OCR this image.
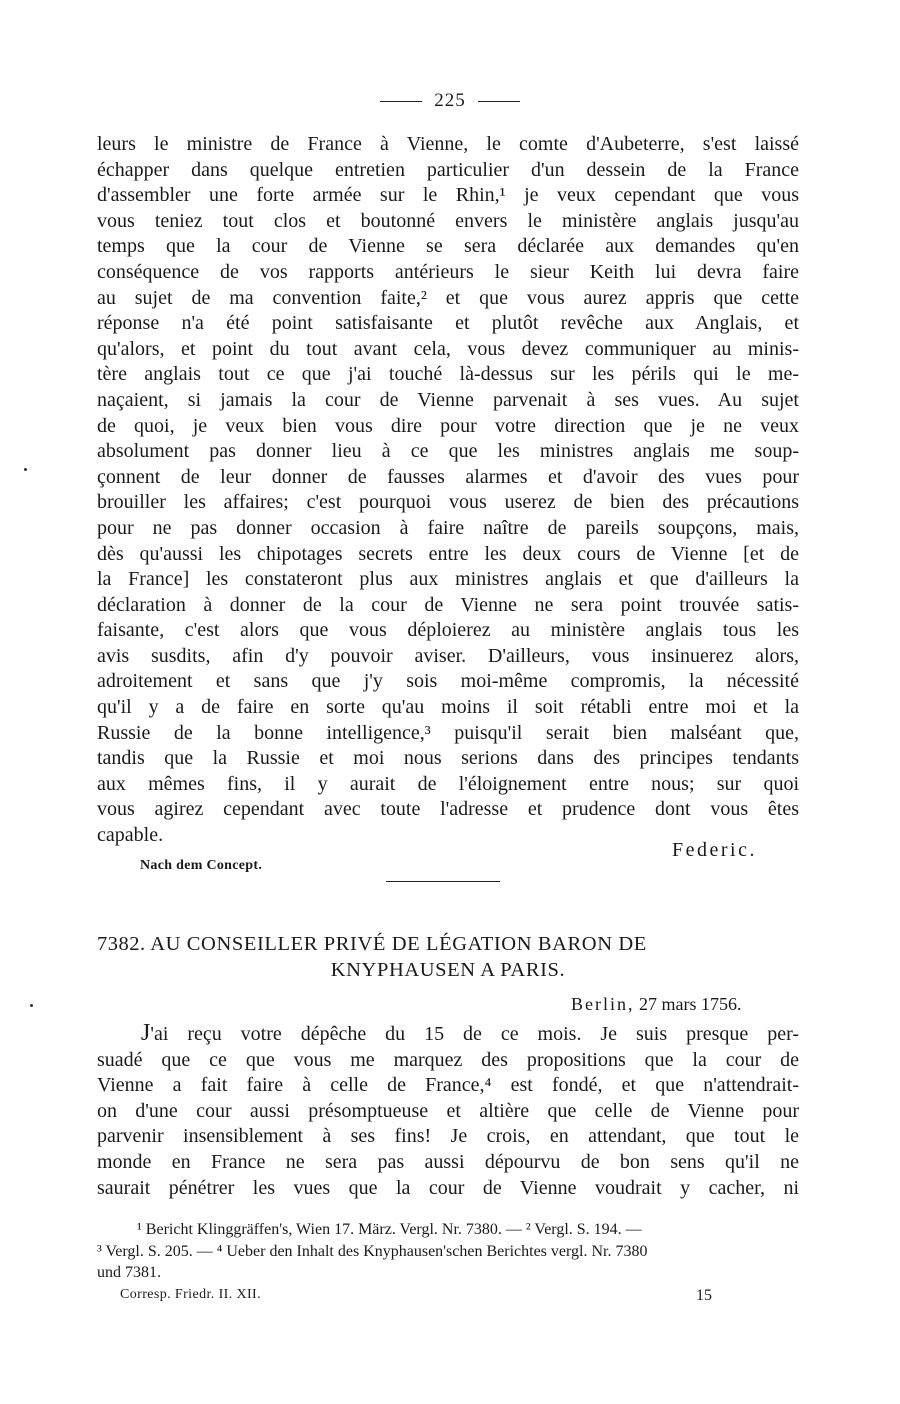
225
leurs le ministre de France à Vienne, le comte d'Aubeterre, s'est laissé
échapper dans quelque entretien particulier d'un dessein de la France
d'assembler une forte armée sur le Rhin,¹ je veux cependant que vous
vous teniez tout clos et boutonné envers le ministère anglais jusqu'au
temps que la cour de Vienne se sera déclarée aux demandes qu'en
conséquence de vos rapports antérieurs le sieur Keith lui devra faire
au sujet de ma convention faite,² et que vous aurez appris que cette
réponse n'a été point satisfaisante et plutôt revêche aux Anglais, et
qu'alors, et point du tout avant cela, vous devez communiquer au minis-
tère anglais tout ce que j'ai touché là-dessus sur les périls qui le me-
naçaient, si jamais la cour de Vienne parvenait à ses vues. Au sujet
de quoi, je veux bien vous dire pour votre direction que je ne veux
absolument pas donner lieu à ce que les ministres anglais me soup-
çonnent de leur donner de fausses alarmes et d'avoir des vues pour
brouiller les affaires; c'est pourquoi vous userez de bien des précautions
pour ne pas donner occasion à faire naître de pareils soupçons, mais,
dès qu'aussi les chipotages secrets entre les deux cours de Vienne [et de
la France] les constateront plus aux ministres anglais et que d'ailleurs la
déclaration à donner de la cour de Vienne ne sera point trouvée satis-
faisante, c'est alors que vous déploierez au ministère anglais tous les
avis susdits, afin d'y pouvoir aviser. D'ailleurs, vous insinuerez alors,
adroitement et sans que j'y sois moi-même compromis, la nécessité
qu'il y a de faire en sorte qu'au moins il soit rétabli entre moi et la
Russie de la bonne intelligence,³ puisqu'il serait bien malséant que,
tandis que la Russie et moi nous serions dans des principes tendants
aux mêmes fins, il y aurait de l'éloignement entre nous; sur quoi
vous agirez cependant avec toute l'adresse et prudence dont vous êtes
capable.
Federic.
Nach dem Concept.
7382. AU CONSEILLER PRIVÉ DE LÉGATION BARON DE
KNYPHAUSEN A PARIS.
Berlin, 27 mars 1756.
J'ai reçu votre dépêche du 15 de ce mois. Je suis presque per-
suadé que ce que vous me marquez des propositions que la cour de
Vienne a fait faire à celle de France,⁴ est fondé, et que n'attendrait-
on d'une cour aussi présomptueuse et altière que celle de Vienne pour
parvenir insensiblement à ses fins! Je crois, en attendant, que tout le
monde en France ne sera pas aussi dépourvu de bon sens qu'il ne
saurait pénétrer les vues que la cour de Vienne voudrait y cacher, ni
¹ Bericht Klinggräffen's, Wien 17. März. Vergl. Nr. 7380. — ² Vergl. S. 194. —
³ Vergl. S. 205. — ⁴ Ueber den Inhalt des Knyphausen'schen Berichtes vergl. Nr. 7380
und 7381.
Corresp. Friedr. II. XII.	15
